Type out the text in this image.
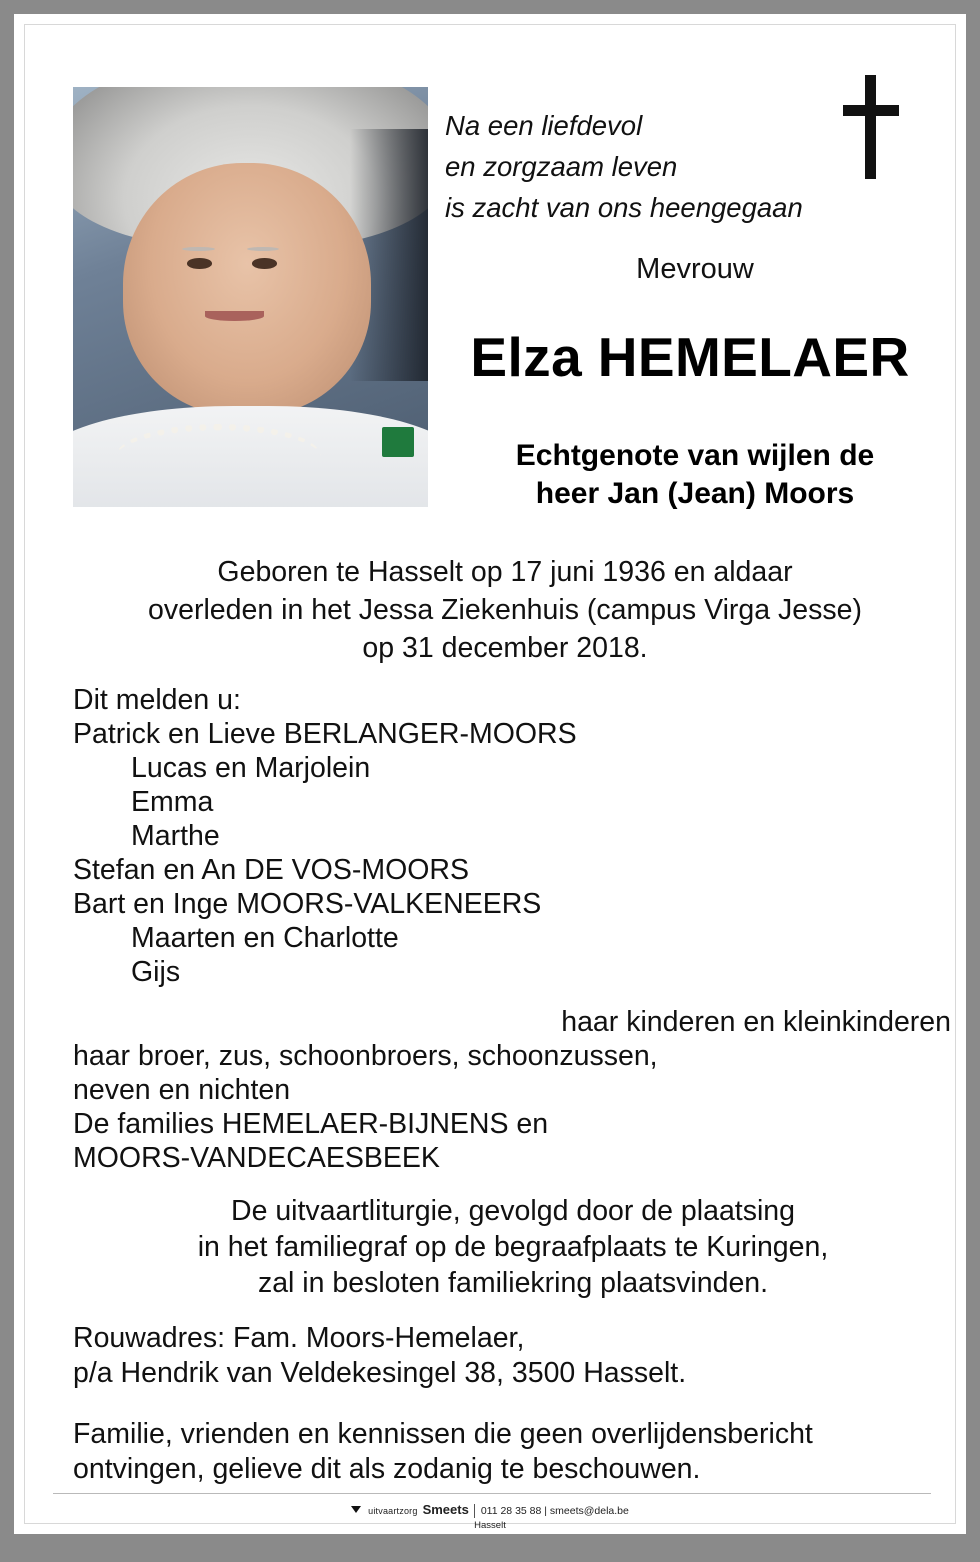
Na een liefdevol
en zorgzaam leven
is zacht van ons heengegaan
Mevrouw
Elza HEMELAER
Echtgenote van wijlen de
heer Jan (Jean) Moors
Geboren te Hasselt op 17 juni 1936 en aldaar
overleden in het Jessa Ziekenhuis (campus Virga Jesse)
op 31 december 2018.
Dit melden u:
Patrick en Lieve BERLANGER-MOORS
Lucas en Marjolein
Emma
Marthe
Stefan en An DE VOS-MOORS
Bart en Inge MOORS-VALKENEERS
Maarten en Charlotte
Gijs
haar kinderen en kleinkinderen
haar broer, zus, schoonbroers, schoonzussen,
neven en nichten
De families HEMELAER-BIJNENS en
MOORS-VANDECAESBEEK
De uitvaartliturgie, gevolgd door de plaatsing
in het familiegraf op de begraafplaats te Kuringen,
zal in besloten familiekring plaatsvinden.
Rouwadres: Fam. Moors-Hemelaer,
p/a Hendrik van Veldekesingel 38, 3500 Hasselt.
Familie, vrienden en kennissen die geen overlijdensbericht
ontvingen, gelieve dit als zodanig te beschouwen.
uitvaartzorg Smeets	011 28 35 88 | smeets@dela.be
Hasselt
